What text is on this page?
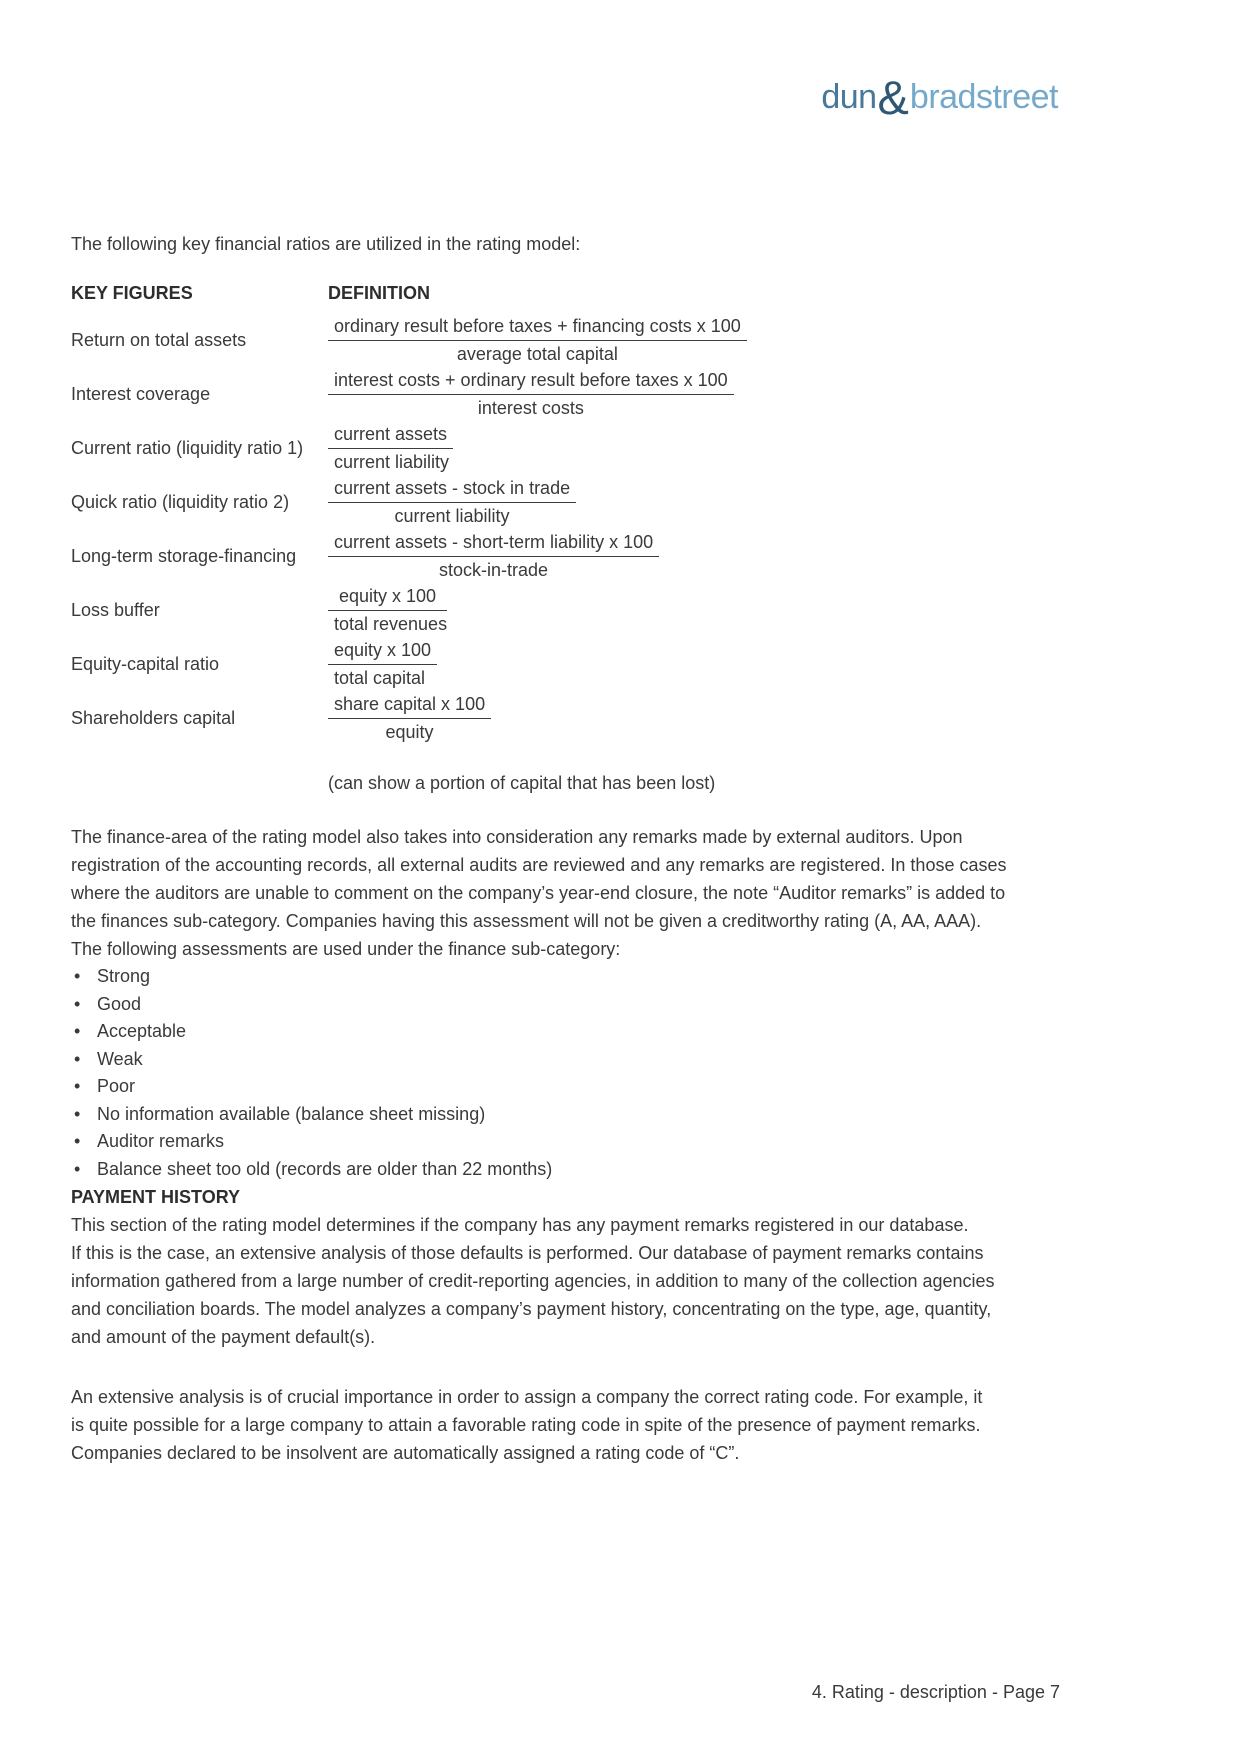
dun&bradstreet

The following key financial ratios are utilized in the rating model:

KEY FIGURES	DEFINITION
Return on total assets	$\frac{\text{ordinary result before taxes + financing costs x 100}}{\text{average total capital}}$
Interest coverage	$\frac{\text{interest costs + ordinary result before taxes x 100}}{\text{interest costs}}$
Current ratio (liquidity ratio 1)	$\frac{\text{current assets}}{\text{current liability}}$
Quick ratio (liquidity ratio 2)	$\frac{\text{current assets - stock in trade}}{\text{current liability}}$
Long-term storage-financing	$\frac{\text{current assets - short-term liability x 100}}{\text{stock-in-trade}}$
Loss buffer	$\frac{\text{equity x 100}}{\text{total revenues}}$
Equity-capital ratio	$\frac{\text{equity x 100}}{\text{total capital}}$
Shareholders capital	$\frac{\text{share capital x 100}}{\text{equity}}$
(can show a portion of capital that has been lost)
The finance-area of the rating model also takes into consideration any remarks made by external auditors. Upon
registration of the accounting records, all external audits are reviewed and any remarks are registered. In those cases
where the auditors are unable to comment on the company’s year-end closure, the note “Auditor remarks” is added to
the finances sub-category. Companies having this assessment will not be given a creditworthy rating (A, AA, AAA).

The following assessments are used under the finance sub-category:

• Strong
• Good
• Acceptable
• Weak
• Poor
• No information available (balance sheet missing)
• Auditor remarks
• Balance sheet too old (records are older than 22 months)

PAYMENT HISTORY

This section of the rating model determines if the company has any payment remarks registered in our database.
If this is the case, an extensive analysis of those defaults is performed. Our database of payment remarks contains
information gathered from a large number of credit-reporting agencies, in addition to many of the collection agencies
and conciliation boards. The model analyzes a company’s payment history, concentrating on the type, age, quantity,
and amount of the payment default(s).
An extensive analysis is of crucial importance in order to assign a company the correct rating code. For example, it
is quite possible for a large company to attain a favorable rating code in spite of the presence of payment remarks.
Companies declared to be insolvent are automatically assigned a rating code of “C”.
4. Rating - description - Page 7
